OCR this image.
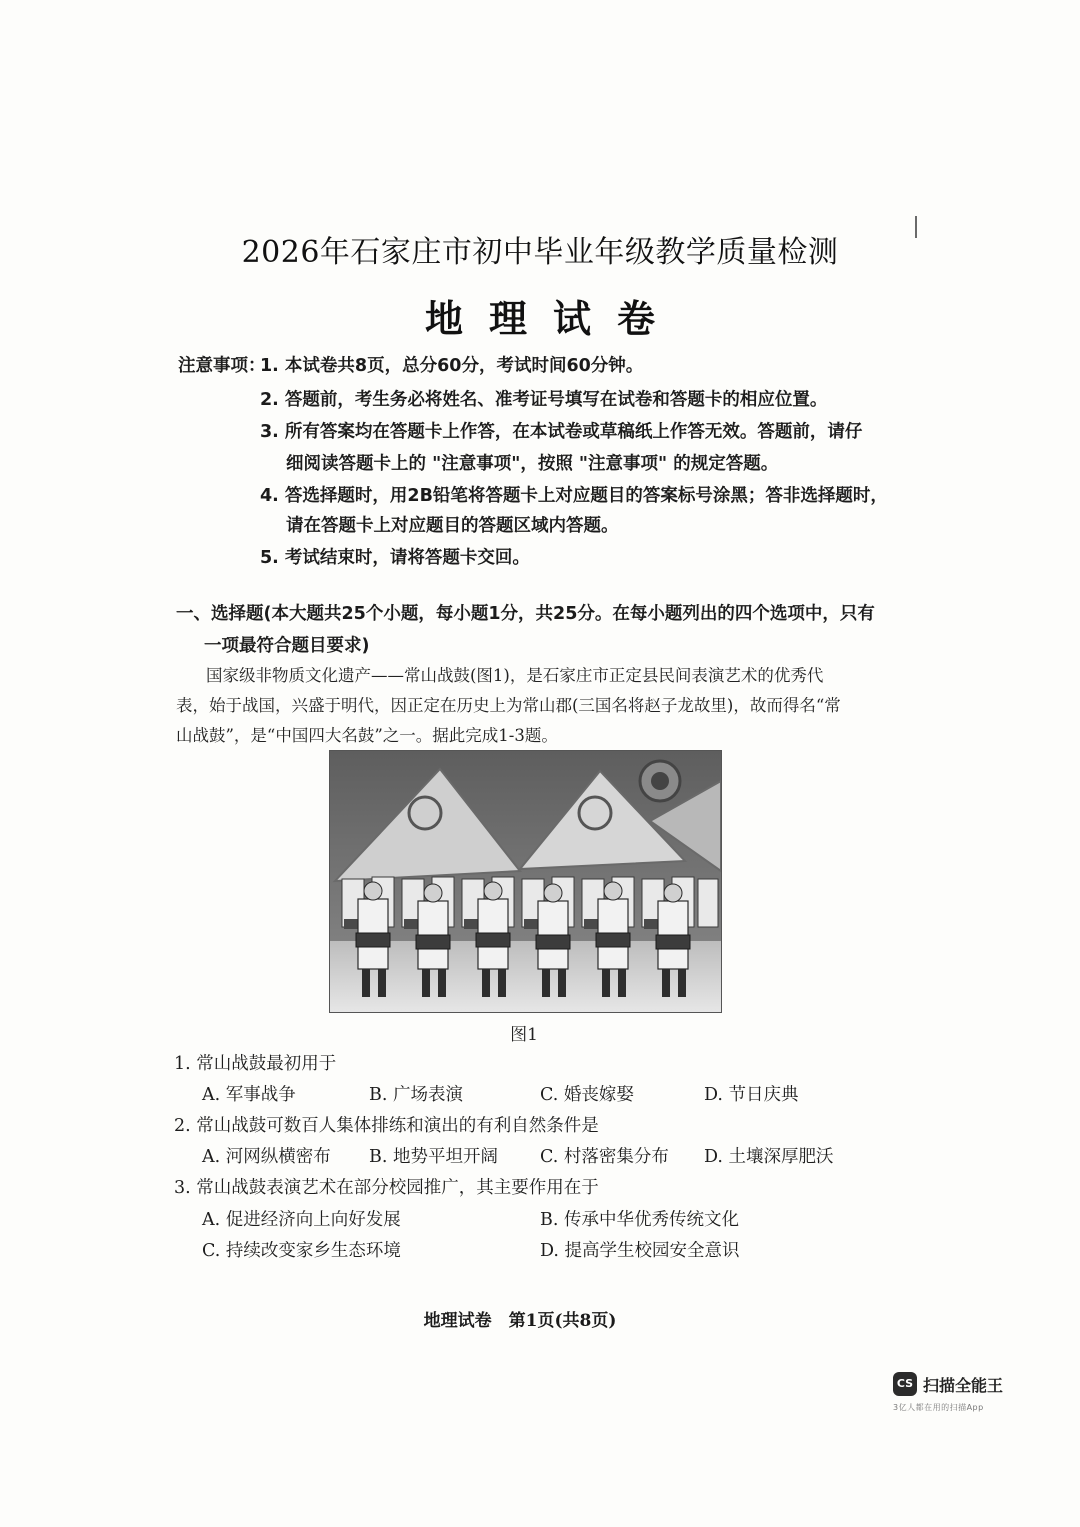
2026年石家庄市初中毕业年级教学质量检测
地理试卷
注意事项：
1. 本试卷共8页，总分60分，考试时间60分钟。
2. 答题前，考生务必将姓名、准考证号填写在试卷和答题卡的相应位置。
3. 所有答案均在答题卡上作答，在本试卷或草稿纸上作答无效。答题前，请仔
细阅读答题卡上的 "注意事项"，按照 "注意事项" 的规定答题。
4. 答选择题时，用2B铅笔将答题卡上对应题目的答案标号涂黑；答非选择题时，
请在答题卡上对应题目的答题区域内答题。
5. 考试结束时，请将答题卡交回。
一、选择题(本大题共25个小题，每小题1分，共25分。在每小题列出的四个选项中，只有
一项最符合题目要求)
国家级非物质文化遗产——常山战鼓(图1)，是石家庄市正定县民间表演艺术的优秀代
表，始于战国，兴盛于明代，因正定在历史上为常山郡(三国名将赵子龙故里)，故而得名“常
山战鼓”，是“中国四大名鼓”之一。据此完成1-3题。
图1
1. 常山战鼓最初用于
A. 军事战争	B. 广场表演	C. 婚丧嫁娶	D. 节日庆典
2. 常山战鼓可数百人集体排练和演出的有利自然条件是
A. 河网纵横密布 B. 地势平坦开阔 C. 村落密集分布 D. 土壤深厚肥沃
3. 常山战鼓表演艺术在部分校园推广，其主要作用在于
A. 促进经济向上向好发展	B. 传承中华优秀传统文化
C. 持续改变家乡生态环境	D. 提高学生校园安全意识
地理试卷　第1页(共8页)
CS 扫描全能王
3亿人都在用的扫描App
